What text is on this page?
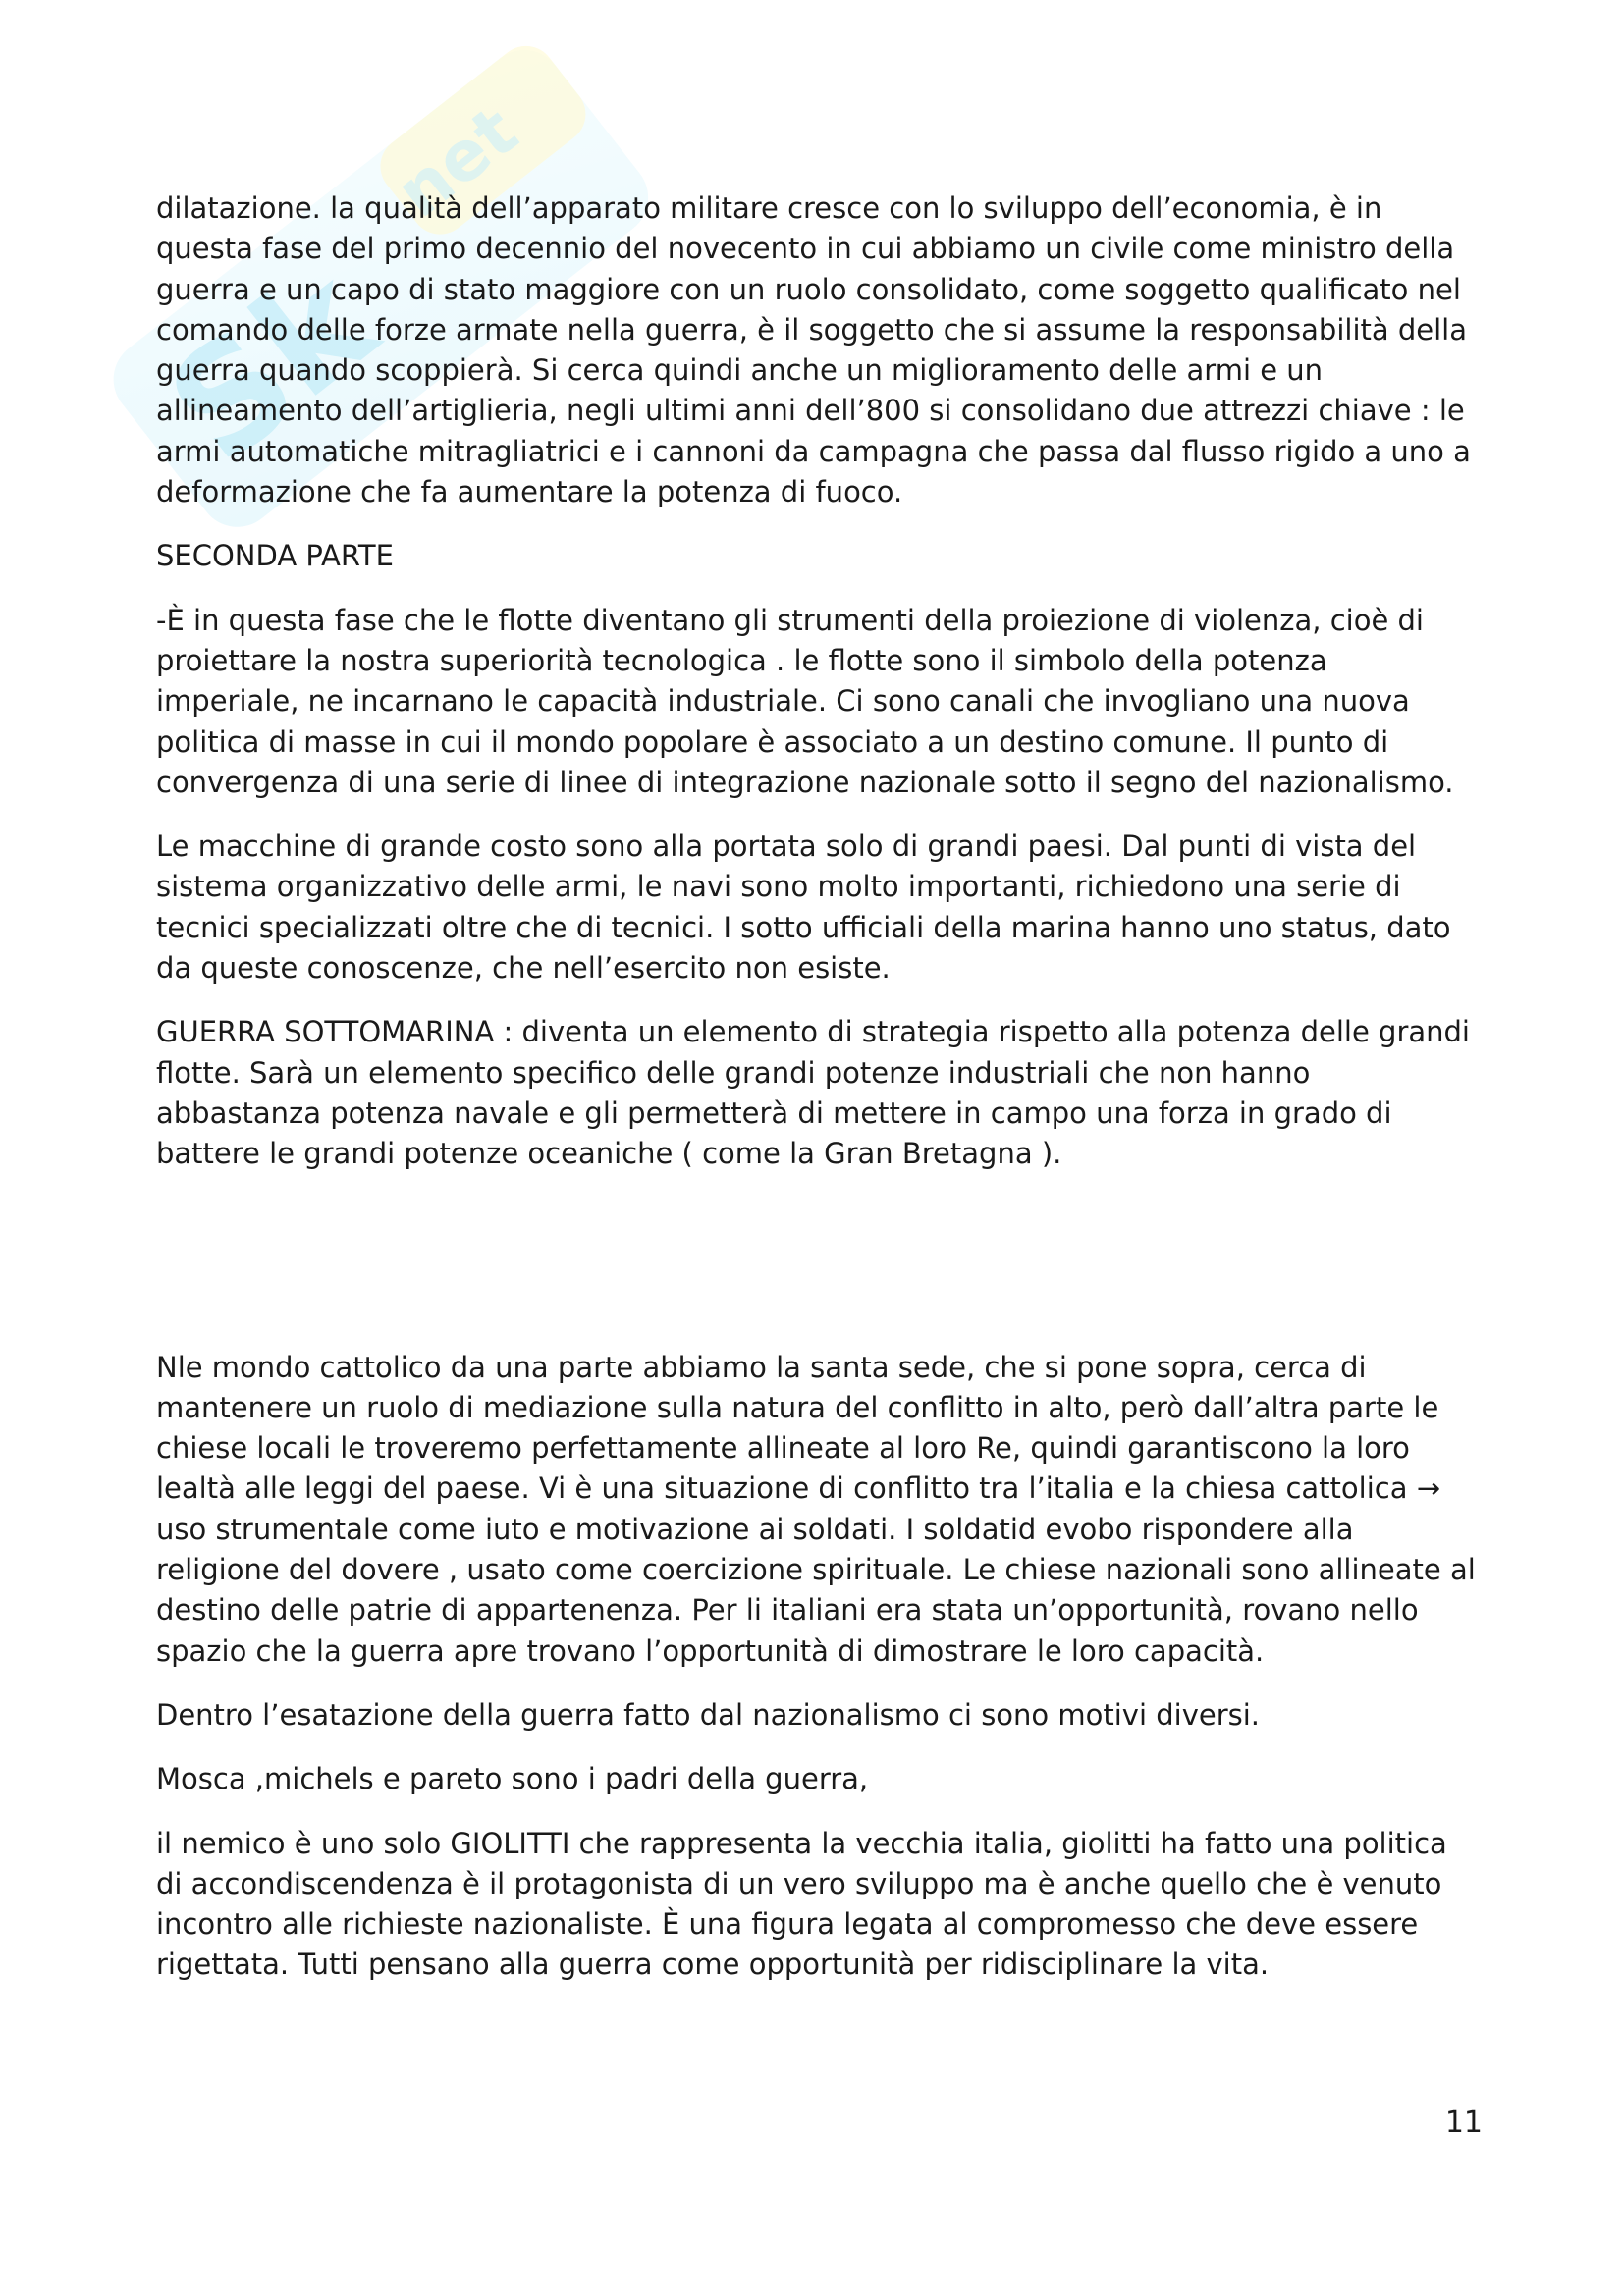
Sk
net

dilatazione. la qualità dell’apparato militare cresce con lo sviluppo dell’economia, è in questa fase del primo decennio del novecento in cui abbiamo un civile come ministro della guerra e un capo di stato maggiore con un ruolo consolidato, come soggetto qualificato nel comando delle forze armate nella guerra, è il soggetto che si assume la responsabilità della guerra quando scoppierà. Si cerca quindi anche un miglioramento delle armi e un allineamento dell’artiglieria, negli ultimi anni dell’800 si consolidano due attrezzi chiave : le armi automatiche mitragliatrici e i cannoni da campagna che passa dal flusso rigido a uno a deformazione che fa aumentare la potenza di fuoco.

SECONDA PARTE

-È in questa fase che le flotte diventano gli strumenti della proiezione di violenza, cioè di proiettare la nostra superiorità tecnologica . le flotte sono il simbolo della potenza imperiale, ne incarnano le capacità industriale. Ci sono canali che invogliano una nuova politica di masse in cui il mondo popolare è associato a un destino comune. Il punto di convergenza di una serie di linee di integrazione nazionale sotto il segno del nazionalismo.

Le macchine di grande costo sono alla portata solo di grandi paesi. Dal punti di vista del sistema organizzativo delle armi, le navi sono molto importanti, richiedono una serie di tecnici specializzati oltre che di tecnici. I sotto ufficiali della marina hanno uno status, dato da queste conoscenze, che nell’esercito non esiste.

GUERRA SOTTOMARINA : diventa un elemento di strategia rispetto alla potenza delle grandi flotte. Sarà un elemento specifico delle grandi potenze industriali che non hanno abbastanza potenza navale e gli permetterà di mettere in campo una forza in grado di battere le grandi potenze oceaniche ( come la Gran Bretagna ).

Nle mondo cattolico da una parte abbiamo la santa sede, che si pone sopra, cerca di mantenere un ruolo di mediazione sulla natura del conflitto in alto, però dall’altra parte le chiese locali le troveremo perfettamente allineate al loro Re, quindi garantiscono la loro lealtà alle leggi del paese. Vi è una situazione di conflitto tra l’italia e la chiesa cattolica → uso strumentale come iuto e motivazione ai soldati. I soldatid evobo rispondere alla religione del dovere , usato come coercizione spirituale. Le chiese nazionali sono allineate al destino delle patrie di appartenenza. Per li italiani era stata un’opportunità, rovano nello spazio che la guerra apre trovano l’opportunità di dimostrare le loro capacità.

Dentro l’esatazione della guerra fatto dal nazionalismo ci sono motivi diversi.

Mosca ,michels e pareto sono i padri della guerra,

il nemico è uno solo GIOLITTI che rappresenta la vecchia italia, giolitti ha fatto una politica di accondiscendenza è il protagonista di un vero sviluppo ma è anche quello che è venuto incontro alle richieste nazionaliste. È una figura legata al compromesso che deve essere rigettata. Tutti pensano alla guerra come opportunità per ridisciplinare la vita.

11
